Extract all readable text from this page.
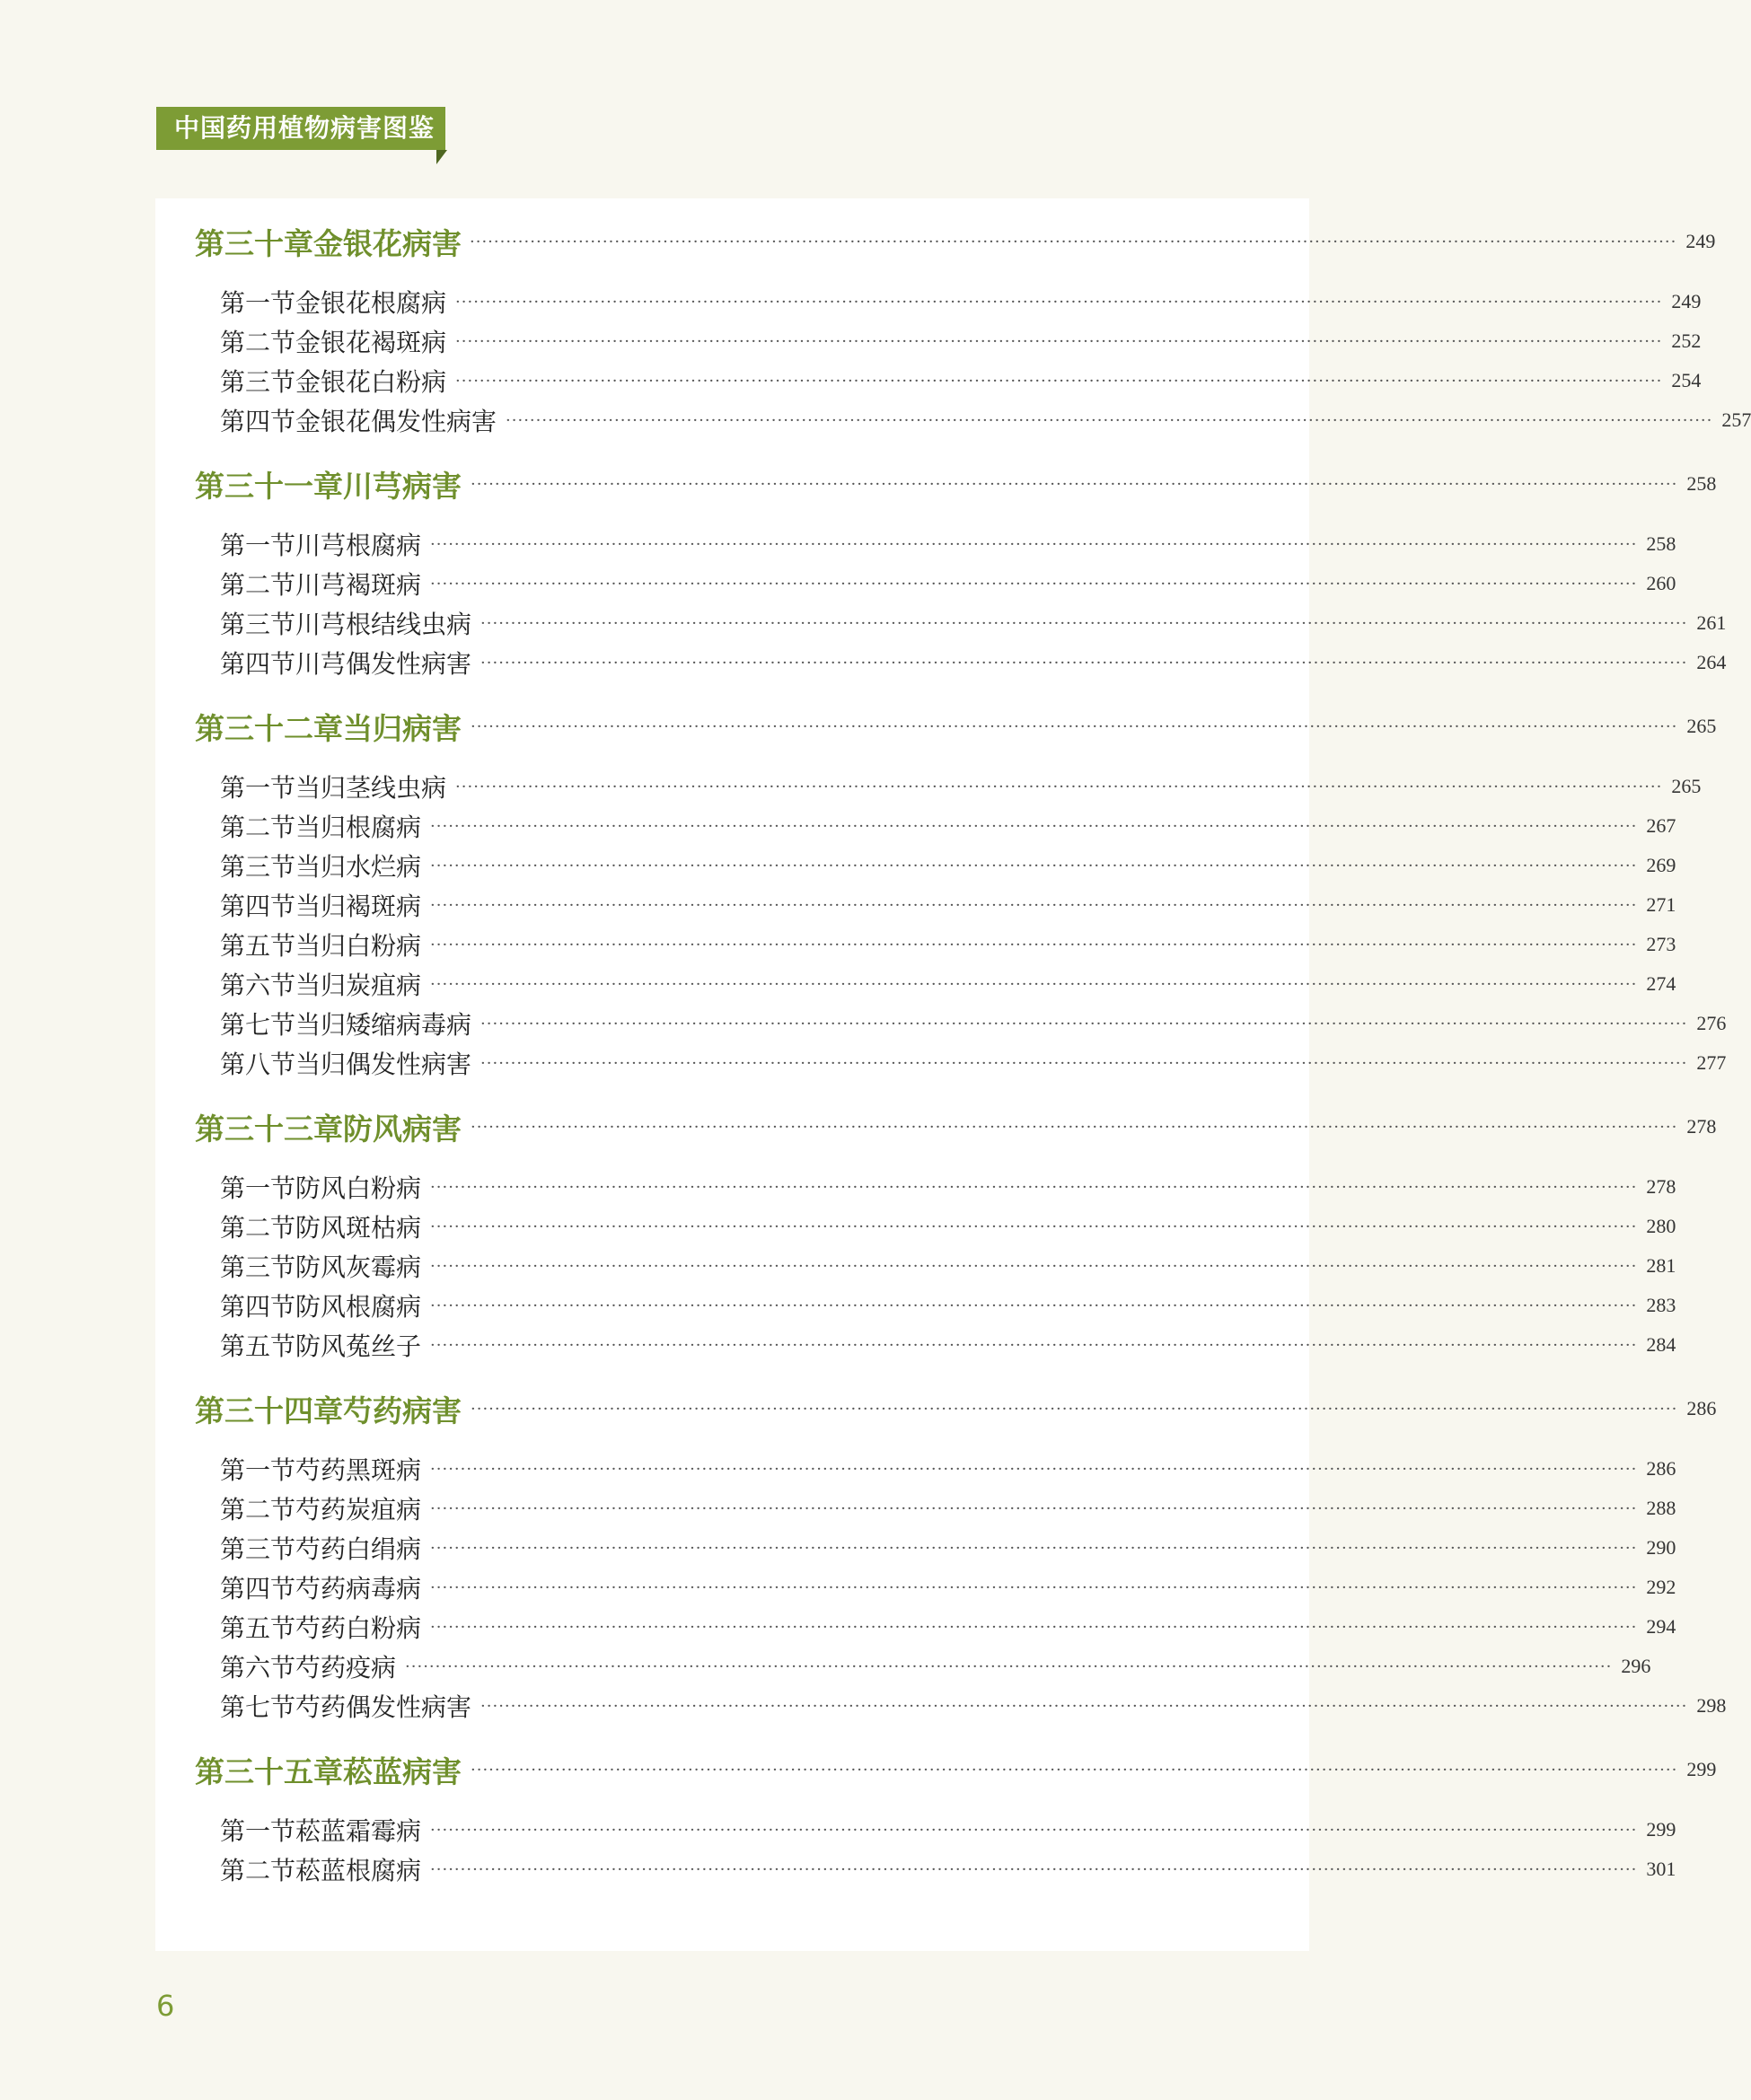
中国药用植物病害图鉴
第三十章 金银花病害 ········································································································································································································ 249
第一节 金银花根腐病 ········································································································································································································ 249
第二节 金银花褐斑病 ········································································································································································································ 252
第三节 金银花白粉病 ········································································································································································································ 254
第四节 金银花偶发性病害 ········································································································································································································ 257
第三十一章 川芎病害 ········································································································································································································ 258
第一节 川芎根腐病 ········································································································································································································ 258
第二节 川芎褐斑病 ········································································································································································································ 260
第三节 川芎根结线虫病 ········································································································································································································ 261
第四节 川芎偶发性病害 ········································································································································································································ 264
第三十二章 当归病害 ········································································································································································································ 265
第一节 当归茎线虫病 ········································································································································································································ 265
第二节 当归根腐病 ········································································································································································································ 267
第三节 当归水烂病 ········································································································································································································ 269
第四节 当归褐斑病 ········································································································································································································ 271
第五节 当归白粉病 ········································································································································································································ 273
第六节 当归炭疽病 ········································································································································································································ 274
第七节 当归矮缩病毒病 ········································································································································································································ 276
第八节 当归偶发性病害 ········································································································································································································ 277
第三十三章 防风病害 ········································································································································································································ 278
第一节 防风白粉病 ········································································································································································································ 278
第二节 防风斑枯病 ········································································································································································································ 280
第三节 防风灰霉病 ········································································································································································································ 281
第四节 防风根腐病 ········································································································································································································ 283
第五节 防风菟丝子 ········································································································································································································ 284
第三十四章 芍药病害 ········································································································································································································ 286
第一节 芍药黑斑病 ········································································································································································································ 286
第二节 芍药炭疽病 ········································································································································································································ 288
第三节 芍药白绢病 ········································································································································································································ 290
第四节 芍药病毒病 ········································································································································································································ 292
第五节 芍药白粉病 ········································································································································································································ 294
第六节 芍药疫病 ········································································································································································································ 296
第七节 芍药偶发性病害 ········································································································································································································ 298
第三十五章 菘蓝病害 ········································································································································································································ 299
第一节 菘蓝霜霉病 ········································································································································································································ 299
第二节 菘蓝根腐病 ········································································································································································································ 301
6
